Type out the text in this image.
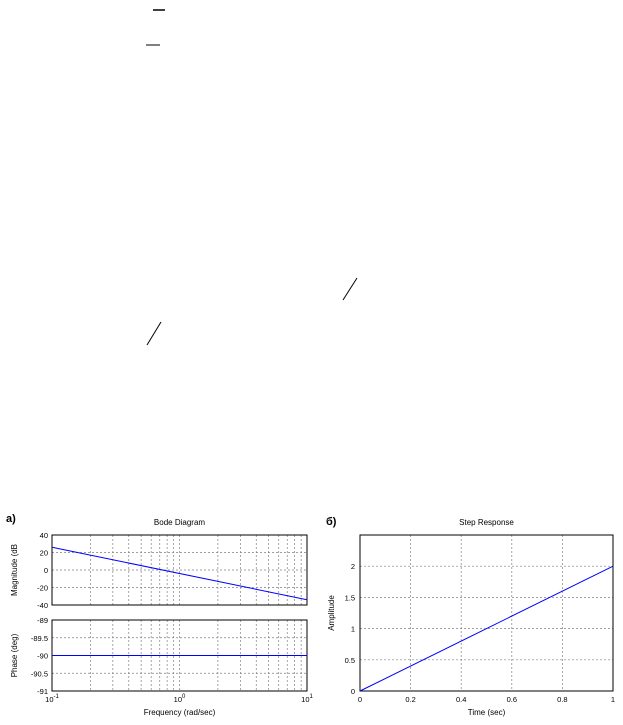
а)	б)
Bode Diagram
40
20
0
-20
-40
Magnitude (dB
-89
-89.5
-90
-90.5
-91
Phase (deg)
$10^{-1}$	$10^0$	$10^1$
Frequency (rad/sec)
Step Response
0	0.2	0.4	0.6	0.8	1
0
0.5
1
1.5
2
Amplitude
Time (sec)
